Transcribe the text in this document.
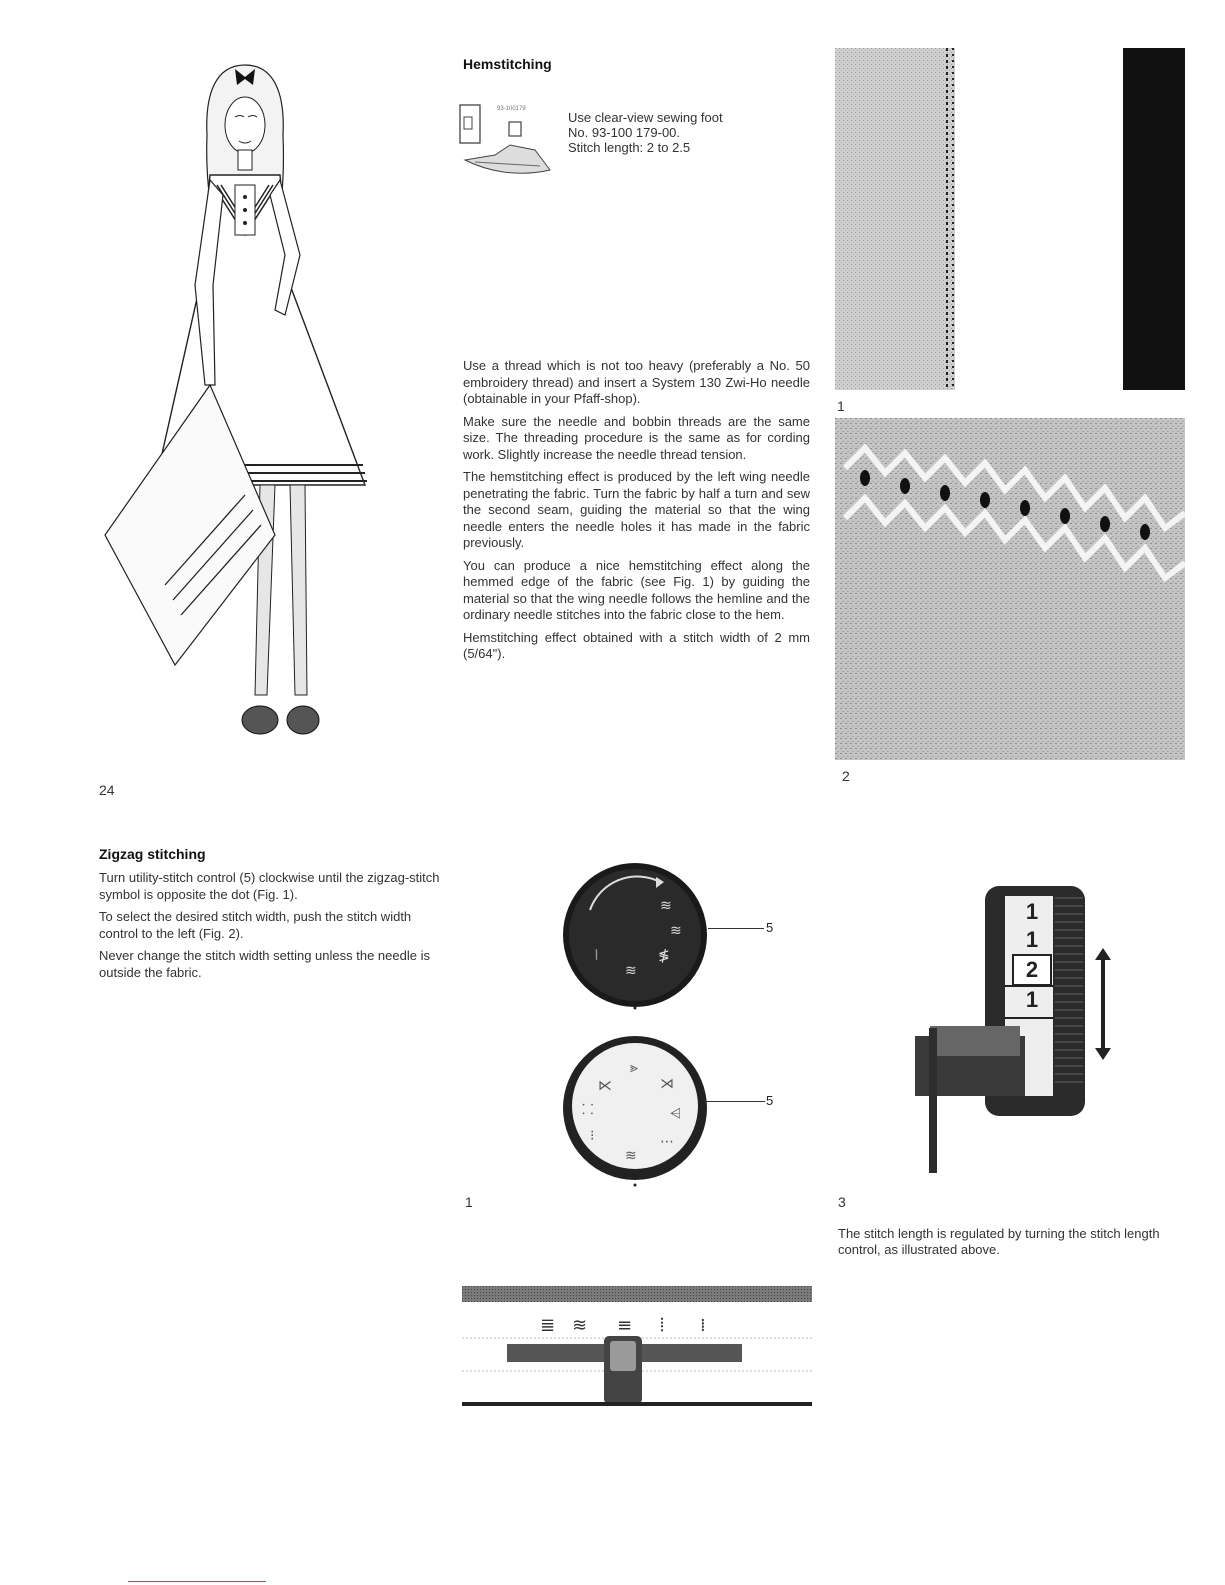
Hemstitching
93-100179
Use clear-view sewing foot
No. 93-100 179-00.
Stitch length: 2 to 2.5

Use a thread which is not too heavy (preferably a No. 50 embroidery thread) and insert a System 130 Zwi-Ho needle (obtainable in your Pfaff-shop).

Make sure the needle and bobbin threads are the same size. The threading procedure is the same as for cording work. Slightly increase the needle thread tension.

The hemstitching effect is produced by the left wing needle penetrating the fabric. Turn the fabric by half a turn and sew the second seam, guiding the material so that the wing needle enters the needle holes it has made in the fabric previously.

You can produce a nice hemstitching effect along the hemmed edge of the fabric (see Fig. 1) by guiding the material so that the wing needle follows the hemline and the ordinary needle stitches into the fabric close to the hem.

Hemstitching effect obtained with a stitch width of 2 mm (5/64").

24
1
2
Zigzag stitching

Turn utility-stitch control (5) clockwise until the zigzag-stitch symbol is opposite the dot (Fig. 1).

To select the desired stitch width, push the stitch width control to the left (Fig. 2).

Never change the stitch width setting unless the needle is outside the fabric.

≋
≋
≸
≋
⦚
5
⋉
⪢
⋊
⩤
⋯
≋
⁝
⸬
5
1
1
1
2
1
3
The stitch length is regulated by turning the stitch length control, as illustrated above.
≣ ≋ ≡ ⦙ ⁞
